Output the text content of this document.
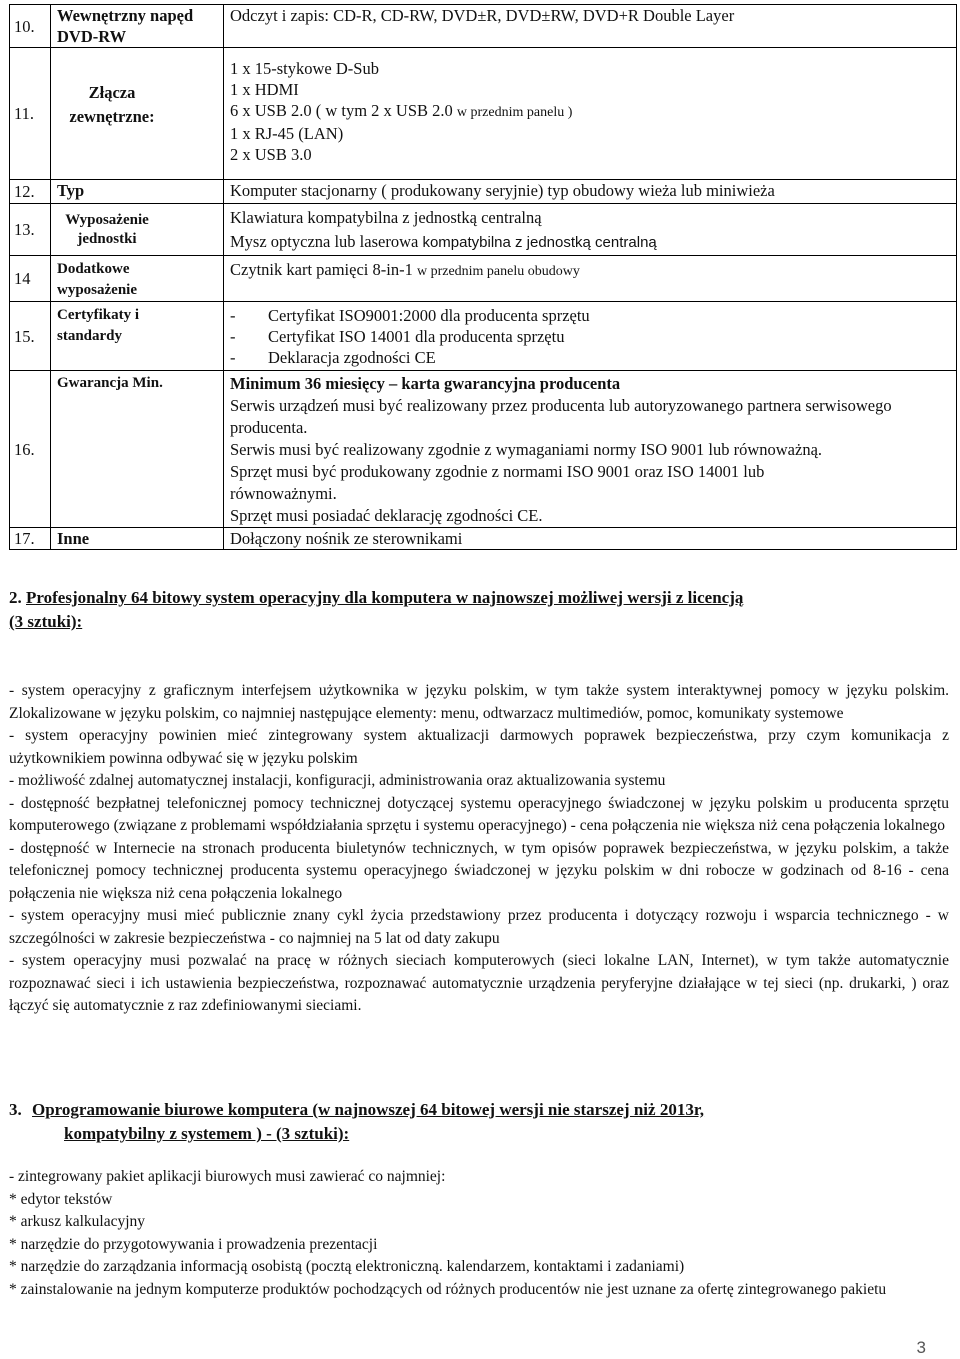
10.	Wewnętrzny napęd DVD-RW	Odczyt i zapis: CD-R, CD-RW, DVD±R, DVD±RW, DVD+R Double Layer

11.	Złącza zewnętrzne:	1 x 15-stykowe D-Sub
1 x HDMI
6 x USB 2.0 ( w tym 2 x USB 2.0 w przednim panelu )
1 x RJ-45 (LAN)
2 x USB 3.0

12.	Typ	Komputer stacjonarny ( produkowany seryjnie) typ obudowy wieża lub miniwieża

13.	Wyposażenie jednostki	Klawiatura kompatybilna z jednostką centralną
Mysz optyczna lub laserowa kompatybilna z jednostką centralną

14	Dodatkowe wyposażenie	Czytnik kart pamięci 8-in-1 w przednim panelu obudowy

15.	Certyfikaty i standardy	- Certyfikat ISO9001:2000 dla producenta sprzętu
- Certyfikat ISO 14001 dla producenta sprzętu
- Deklaracja zgodności CE

16.	Gwarancja Min.	Minimum 36 miesięcy – karta gwarancyjna producenta
Serwis urządzeń musi być realizowany przez producenta lub autoryzowanego partnera serwisowego producenta.
Serwis musi być realizowany zgodnie z wymaganiami normy ISO 9001 lub równoważną.
Sprzęt musi być produkowany zgodnie z normami ISO 9001 oraz ISO 14001 lub równoważnymi.
Sprzęt musi posiadać deklarację zgodności CE.

17.	Inne	Dołączony nośnik ze sterownikami
2. Profesjonalny 64 bitowy system operacyjny dla komputera w najnowszej możliwej wersji z licencją
(3 sztuki):
- system operacyjny z graficznym interfejsem użytkownika w języku polskim, w tym także system interaktywnej pomocy w języku polskim. Zlokalizowane w języku polskim, co najmniej następujące elementy: menu, odtwarzacz multimediów, pomoc, komunikaty systemowe
- system operacyjny powinien mieć zintegrowany system aktualizacji darmowych poprawek bezpieczeństwa, przy czym komunikacja z użytkownikiem powinna odbywać się w języku polskim
- możliwość zdalnej automatycznej instalacji, konfiguracji, administrowania oraz aktualizowania systemu
- dostępność bezpłatnej telefonicznej pomocy technicznej dotyczącej systemu operacyjnego świadczonej w języku polskim u producenta sprzętu komputerowego (związane z problemami współdziałania sprzętu i systemu operacyjnego) - cena połączenia nie większa niż cena połączenia lokalnego
- dostępność w Internecie na stronach producenta biuletynów technicznych, w tym opisów poprawek bezpieczeństwa, w języku polskim, a także telefonicznej pomocy technicznej producenta systemu operacyjnego świadczonej w języku polskim w dni robocze w godzinach od 8-16 - cena połączenia nie większa niż cena połączenia lokalnego
- system operacyjny musi mieć publicznie znany cykl życia przedstawiony przez producenta i dotyczący rozwoju i wsparcia technicznego - w szczególności w zakresie bezpieczeństwa - co najmniej na 5 lat od daty zakupu
- system operacyjny musi pozwalać na pracę w różnych sieciach komputerowych (sieci lokalne LAN, Internet), w tym także automatycznie rozpoznawać sieci i ich ustawienia bezpieczeństwa, rozpoznawać automatycznie urządzenia peryferyjne działające w tej sieci (np. drukarki, ) oraz łączyć się automatycznie z raz zdefiniowanymi sieciami.
3. Oprogramowanie biurowe komputera (w najnowszej 64 bitowej wersji nie starszej niż 2013r,
kompatybilny z systemem ) - (3 sztuki):
- zintegrowany pakiet aplikacji biurowych musi zawierać co najmniej:
* edytor tekstów
* arkusz kalkulacyjny
* narzędzie do przygotowywania i prowadzenia prezentacji
* narzędzie do zarządzania informacją osobistą (pocztą elektroniczną. kalendarzem, kontaktami i zadaniami)
* zainstalowanie na jednym komputerze produktów pochodzących od różnych producentów nie jest uznane za ofertę zintegrowanego pakietu
3
